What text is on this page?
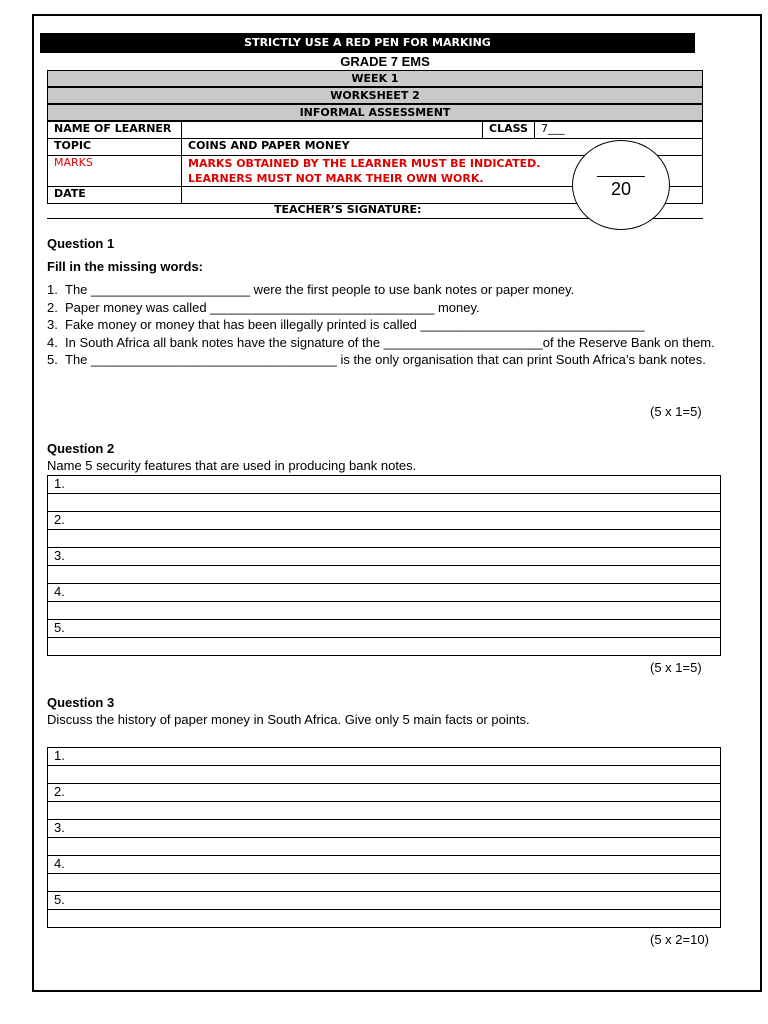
STRICTLY USE A RED PEN FOR MARKING
GRADE 7 EMS
WEEK 1
WORKSHEET 2
INFORMAL ASSESSMENT
NAME OF LEARNER		CLASS	7___
TOPIC	COINS AND PAPER MONEY		
MARKS	MARKS OBTAINED BY THE LEARNER MUST BE INDICATED.
LEARNERS MUST NOT MARK THEIR OWN WORK.		

DATE			
TEACHER’S SIGNATURE:
20
Question 1
Fill in the missing words:
1. The ______________________ were the first people to use bank notes or paper money.
2. Paper money was called _______________________________ money.
3. Fake money or money that has been illegally printed is called _______________________________
4. In South Africa all bank notes have the signature of the ______________________of the Reserve Bank on them.
5. The __________________________________ is the only organisation that can print South Africa’s bank notes.
(5 x 1=5)
Question 2
Name 5 security features that are used in producing bank notes.
1.

2.

3.

4.

5.

(5 x 1=5)
Question 3
Discuss the history of paper money in South Africa. Give only 5 main facts or points.
1.

2.

3.

4.

5.

(5 x 2=10)
